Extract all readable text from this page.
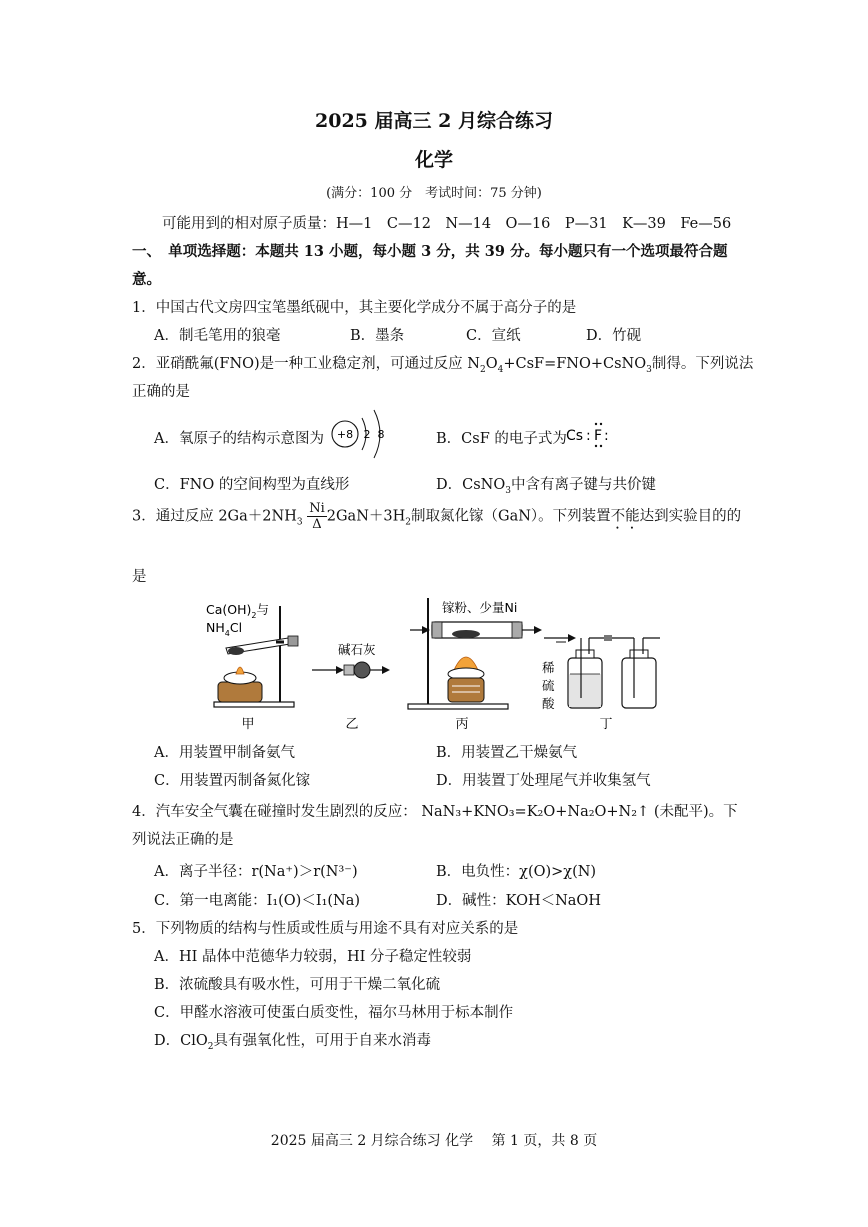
2025 届高三 2 月综合练习
化学
(满分：100 分　考试时间：75 分钟)
可能用到的相对原子质量：H—1　C—12　N—14　O—16　P—31　K—39　Fe—56
一、　单项选择题：本题共 13 小题，每小题 3 分，共 39 分。每小题只有一个选项最符合题
意。
1．中国古代文房四宝笔墨纸砚中，其主要化学成分不属于高分子的是
A．制毛笔用的狼毫	B．墨条	C．宣纸	D．竹砚
2．亚硝酰氟(FNO)是一种工业稳定剂，可通过反应 $N_2O_4+CsF=FNO+CsNO_3$制得。下列说法
正确的是
A．氧原子的结构示意图为 +8 2 8	B．CsF 的电子式为 Cs : F :
C．FNO 的空间构型为直线形	D．CsNO$_3$中含有离子键与共价键
3．通过反应 $2Ga+2NH_3 \frac{Ni}{\Delta} 2GaN+3H_2$制取氮化镓（GaN）。下列装置不能达到实验目的的
是
$Ca(OH)_2$与
$NH_4Cl$
碱石灰
镓粉、少量Ni
稀
硫
酸
甲	乙	丙	丁
A．用装置甲制备氨气	B．用装置乙干燥氨气
C．用装置丙制备氮化镓	D．用装置丁处理尾气并收集氢气
4．汽车安全气囊在碰撞时发生剧烈的反应： NaN₃+KNO₃=K₂O+Na₂O+N₂↑ (未配平)。下
列说法正确的是
A．离子半径：r(Na⁺)＞r(N³⁻)	B．电负性：χ(O)>χ(N)
C．第一电离能：I₁(O)＜I₁(Na)	D．碱性：KOH＜NaOH
5．下列物质的结构与性质或性质与用途不具有对应关系的是
A．HI 晶体中范德华力较弱，HI 分子稳定性较弱
B．浓硫酸具有吸水性，可用于干燥二氧化硫
C．甲醛水溶液可使蛋白质变性，福尔马林用于标本制作
D．ClO$_2$具有强氧化性，可用于自来水消毒
2025 届高三 2 月综合练习 化学　 第 1 页，共 8 页
